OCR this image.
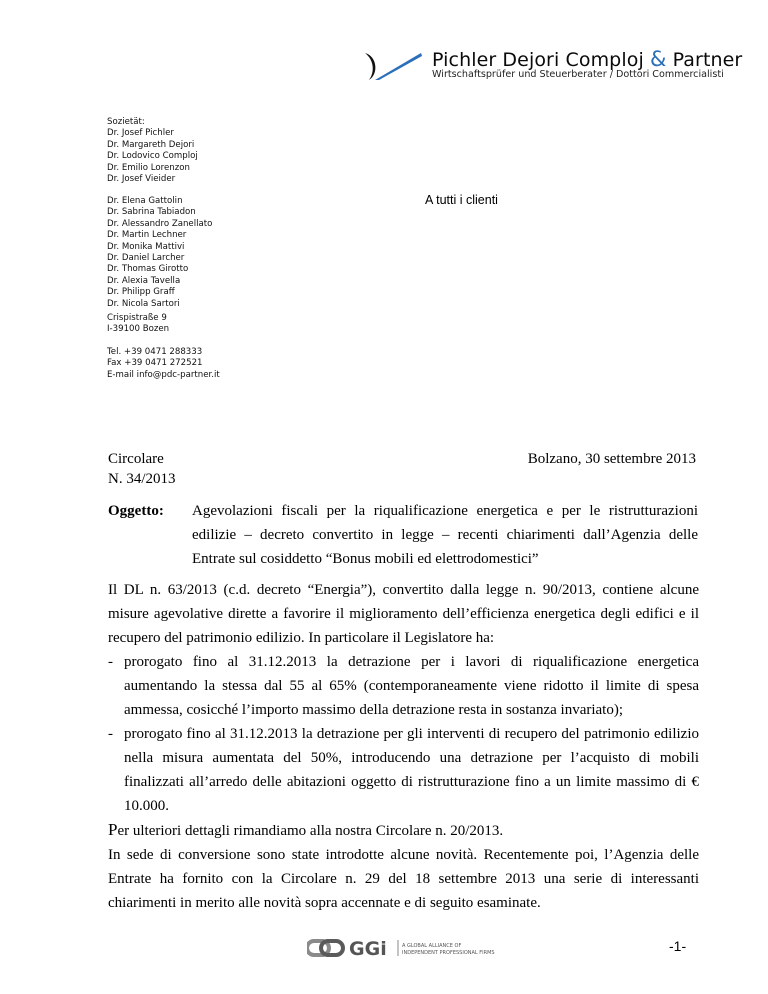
Pichler Dejori Comploj & Partner
Wirtschaftsprüfer und Steuerberater / Dottori Commercialisti
Sozietät:
Dr. Josef Pichler
Dr. Margareth Dejori
Dr. Lodovico Comploj
Dr. Emilio Lorenzon
Dr. Josef Vieider
Dr. Elena Gattolin
Dr. Sabrina Tabiadon
Dr. Alessandro Zanellato
Dr. Martin Lechner
Dr. Monika Mattivi
Dr. Daniel Larcher
Dr. Thomas Girotto
Dr. Alexia Tavella
Dr. Philipp Graff
Dr. Nicola Sartori
Crispistraße 9
I-39100 Bozen
Tel. +39 0471 288333
Fax +39 0471 272521
E-mail info@pdc-partner.it
A tutti i clienti
Circolare
N. 34/2013
Bolzano, 30 settembre 2013
Oggetto:	Agevolazioni fiscali per la riqualificazione energetica e per le ristrutturazioni edilizie – decreto convertito in legge – recenti chiarimenti dall’Agenzia delle Entrate sul cosiddetto “Bonus mobili ed elettrodomestici”

Il DL n. 63/2013 (c.d. decreto “Energia”), convertito dalla legge n. 90/2013, contiene alcune misure agevolative dirette a favorire il miglioramento dell’efficienza energetica degli edifici e il recupero del patrimonio edilizio. In particolare il Legislatore ha:

- prorogato fino al 31.12.2013 la detrazione per i lavori di riqualificazione energetica aumentando la stessa dal 55 al 65% (contemporaneamente viene ridotto il limite di spesa ammessa, cosicché l’importo massimo della detrazione resta in sostanza invariato);
- prorogato fino al 31.12.2013 la detrazione per gli interventi di recupero del patrimonio edilizio nella misura aumentata del 50%, introducendo una detrazione per l’acquisto di mobili finalizzati all’arredo delle abitazioni oggetto di ristrutturazione fino a un limite massimo di € 10.000.

Per ulteriori dettagli rimandiamo alla nostra Circolare n. 20/2013.

In sede di conversione sono state introdotte alcune novità. Recentemente poi, l’Agenzia delle Entrate ha fornito con la Circolare n. 29 del 18 settembre 2013 una serie di interessanti chiarimenti in merito alle novità sopra accennate e di seguito esaminate.

GGi	A GLOBAL ALLIANCE OF
INDEPENDENT PROFESSIONAL FIRMS	-1-
